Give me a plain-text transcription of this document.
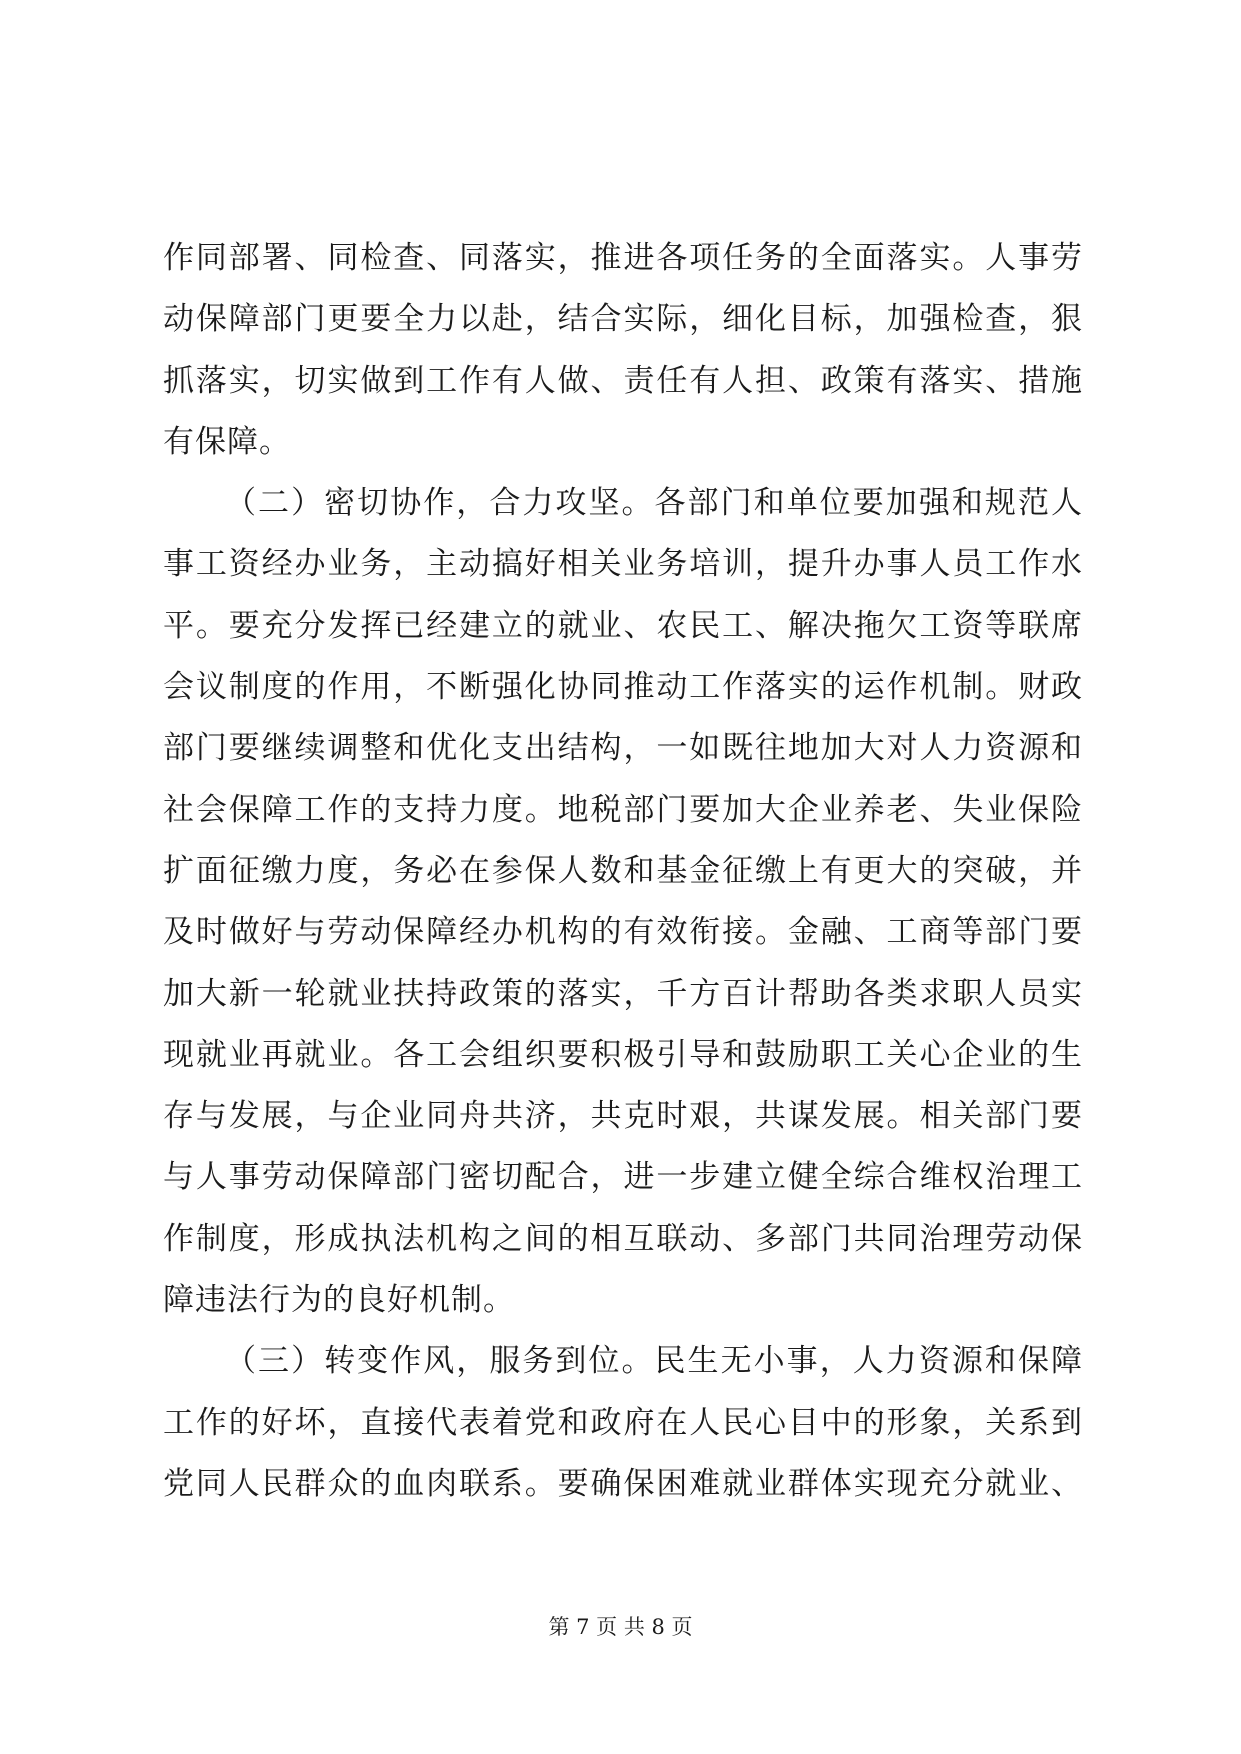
作同部署、同检查、同落实，推进各项任务的全面落实。人事劳
动保障部门更要全力以赴，结合实际，细化目标，加强检查，狠
抓落实，切实做到工作有人做、责任有人担、政策有落实、措施
有保障。
（二）密切协作，合力攻坚。各部门和单位要加强和规范人
事工资经办业务，主动搞好相关业务培训，提升办事人员工作水
平。要充分发挥已经建立的就业、农民工、解决拖欠工资等联席
会议制度的作用，不断强化协同推动工作落实的运作机制。财政
部门要继续调整和优化支出结构，一如既往地加大对人力资源和
社会保障工作的支持力度。地税部门要加大企业养老、失业保险
扩面征缴力度，务必在参保人数和基金征缴上有更大的突破，并
及时做好与劳动保障经办机构的有效衔接。金融、工商等部门要
加大新一轮就业扶持政策的落实，千方百计帮助各类求职人员实
现就业再就业。各工会组织要积极引导和鼓励职工关心企业的生
存与发展，与企业同舟共济，共克时艰，共谋发展。相关部门要
与人事劳动保障部门密切配合，进一步建立健全综合维权治理工
作制度，形成执法机构之间的相互联动、多部门共同治理劳动保
障违法行为的良好机制。
（三）转变作风，服务到位。民生无小事，人力资源和保障
工作的好坏，直接代表着党和政府在人民心目中的形象，关系到
党同人民群众的血肉联系。要确保困难就业群体实现充分就业、
第 7 页 共 8 页
